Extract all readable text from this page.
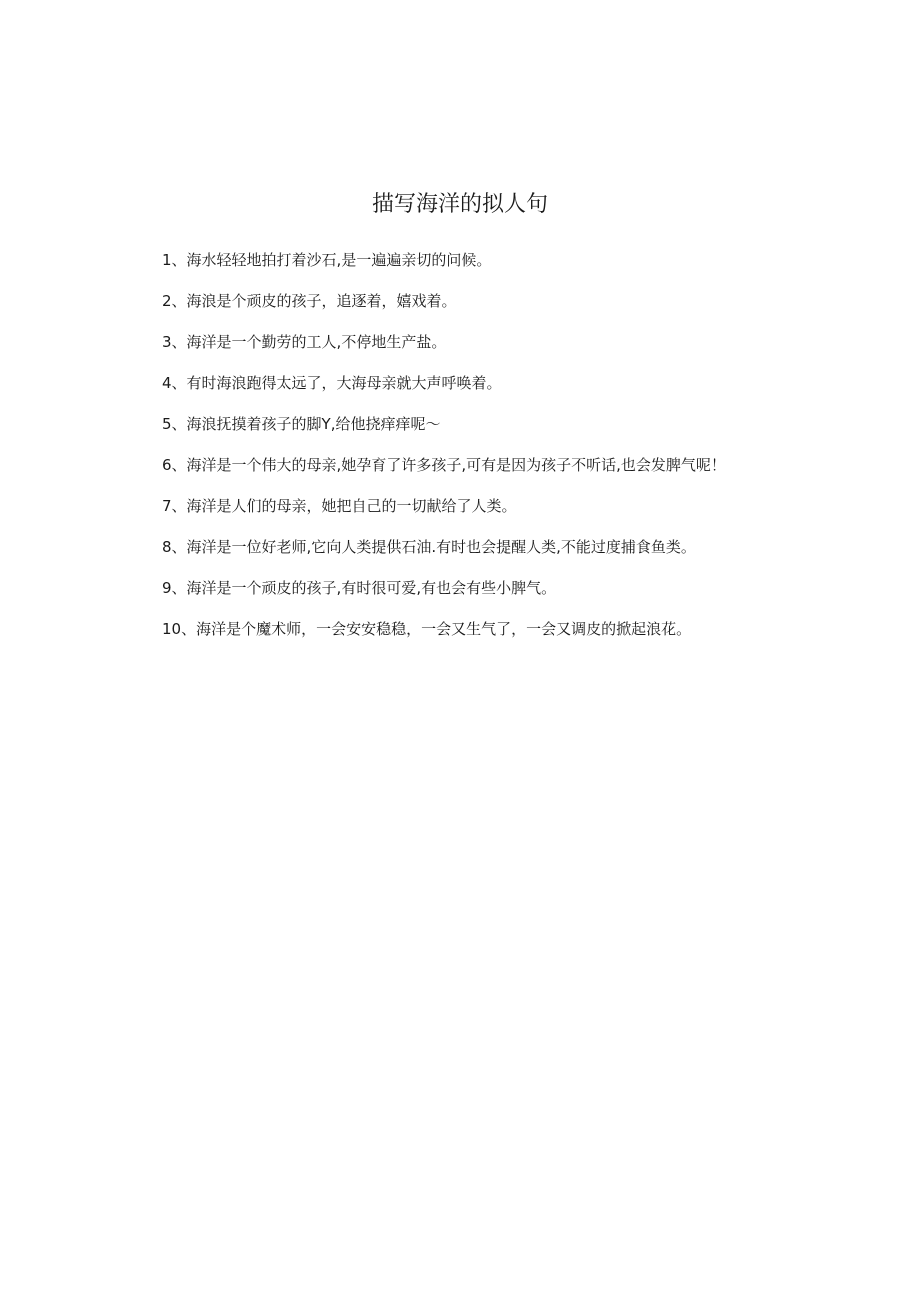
描写海洋的拟人句
1、海水轻轻地拍打着沙石,是一遍遍亲切的问候。
2、海浪是个顽皮的孩子，追逐着，嬉戏着。
3、海洋是一个勤劳的工人,不停地生产盐。
4、有时海浪跑得太远了，大海母亲就大声呼唤着。
5、海浪抚摸着孩子的脚Y,给他挠痒痒呢～
6、海洋是一个伟大的母亲,她孕育了许多孩子,可有是因为孩子不听话,也会发脾气呢！
7、海洋是人们的母亲，她把自己的一切献给了人类。
8、海洋是一位好老师,它向人类提供石油.有时也会提醒人类,不能过度捕食鱼类。
9、海洋是一个顽皮的孩子,有时很可爱,有也会有些小脾气。
10、海洋是个魔术师，一会安安稳稳，一会又生气了，一会又调皮的掀起浪花。
